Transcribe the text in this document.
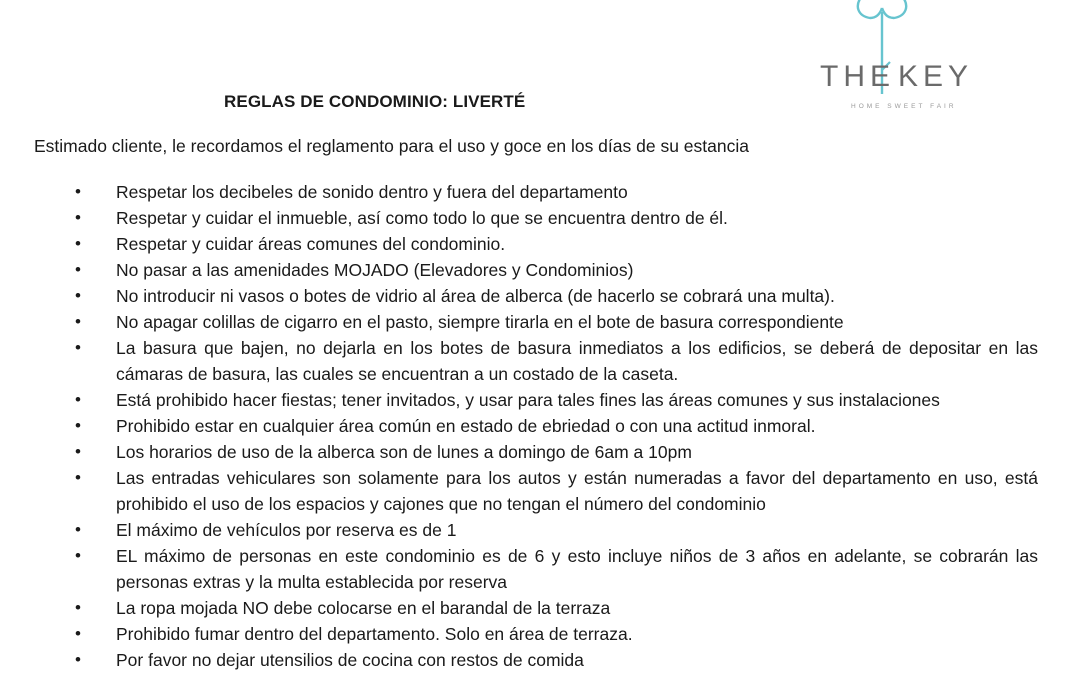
THE KEY
HOME SWEET FAIR
REGLAS DE CONDOMINIO: LIVERTÉ
Estimado cliente, le recordamos el reglamento para el uso y goce en los días de su estancia
• Respetar los decibeles de sonido dentro y fuera del departamento
• Respetar y cuidar el inmueble, así como todo lo que se encuentra dentro de él.
• Respetar y cuidar áreas comunes del condominio.
• No pasar a las amenidades MOJADO (Elevadores y Condominios)
• No introducir ni vasos o botes de vidrio al área de alberca (de hacerlo se cobrará una multa).
• No apagar colillas de cigarro en el pasto, siempre tirarla en el bote de basura correspondiente
• La basura que bajen, no dejarla en los botes de basura inmediatos a los edificios, se deberá de depositar en las cámaras de basura, las cuales se encuentran a un costado de la caseta.
• Está prohibido hacer fiestas; tener invitados, y usar para tales fines las áreas comunes y sus instalaciones
• Prohibido estar en cualquier área común en estado de ebriedad o con una actitud inmoral.
• Los horarios de uso de la alberca son de lunes a domingo de 6am a 10pm
• Las entradas vehiculares son solamente para los autos y están numeradas a favor del departamento en uso, está prohibido el uso de los espacios y cajones que no tengan el número del condominio
• El máximo de vehículos por reserva es de 1
• EL máximo de personas en este condominio es de 6 y esto incluye niños de 3 años en adelante, se cobrarán las personas extras y la multa establecida por reserva
• La ropa mojada NO debe colocarse en el barandal de la terraza
• Prohibido fumar dentro del departamento. Solo en área de terraza.
• Por favor no dejar utensilios de cocina con restos de comida
